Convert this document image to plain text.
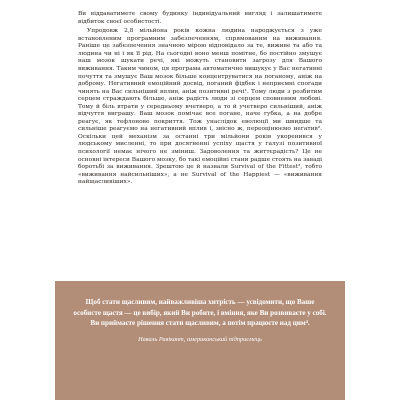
Ви віддаватимете свому будинку індивідуальний вигляд і залишатимете відбиток своєї особистості.

Упродовж 2,8 мільйона років кожна людина народжується з уже встановленим програмним забезпеченням, спрямованим на виживання. Раніше це забезпечення значною мірою відповідало за те, виживе та або та людина чи ні і як її рід. На сьогодні воно менш помітне, бо постійно змушує наш мозок шукати речі, які можуть становити загрозу для Вашого виживання. Таким чином, ця програма автоматично вишукує у Вас негативні почуття та змушує Ваш мозок більше концентруватися на поганому, аніж на доброму. Негативний емоційний досвід, поганий фідбек і неприємні спогади чинять на Вас сильніший вплив, аніж позитивні речі¹. Тому люди з розбитим серцем страждають більше, аніж радість люди зі серцем сповненим любові. Тому й біль втрати у середньому вчетверо, а то й учетверо сильніший, аніж відчуття виграшу. Ваш мозок помічає все погане, наче губка, а на добре реагує, як тефлонове покриття. Тож унаслідок еволюції ми швидше та сильніше реагуємо на негативний вплив і, звісно ж, переоцінюємо негатив². Оскільки цей механізм за останні три мільйони років укоренився у людському мисленні, то при досягненні успіху щастя у галузі позитивної психології немає нічого не зміниш. Задоволення та життєрадість? Це не основні інтереси Вашого мозку, бо такі емоційні стани радше стоять на заваді боротьбі за виживання. Зрештою це й назвали Survival of the Fittest³, тобто «виживання найсильніших», а не Survival of the Happiest — «виживання найщасливіших».

Щоб стати щасливим, найважливіша хитрість — усвідомити, що Ваше особисте щастя — це вибір, який Ви робите, і вміння, яке Ви розвиваєте у собі. Ви приймаєте рішення стати щасливим, а потім працюєте над цим⁴.

Наваль Равікант, американський підприємець
